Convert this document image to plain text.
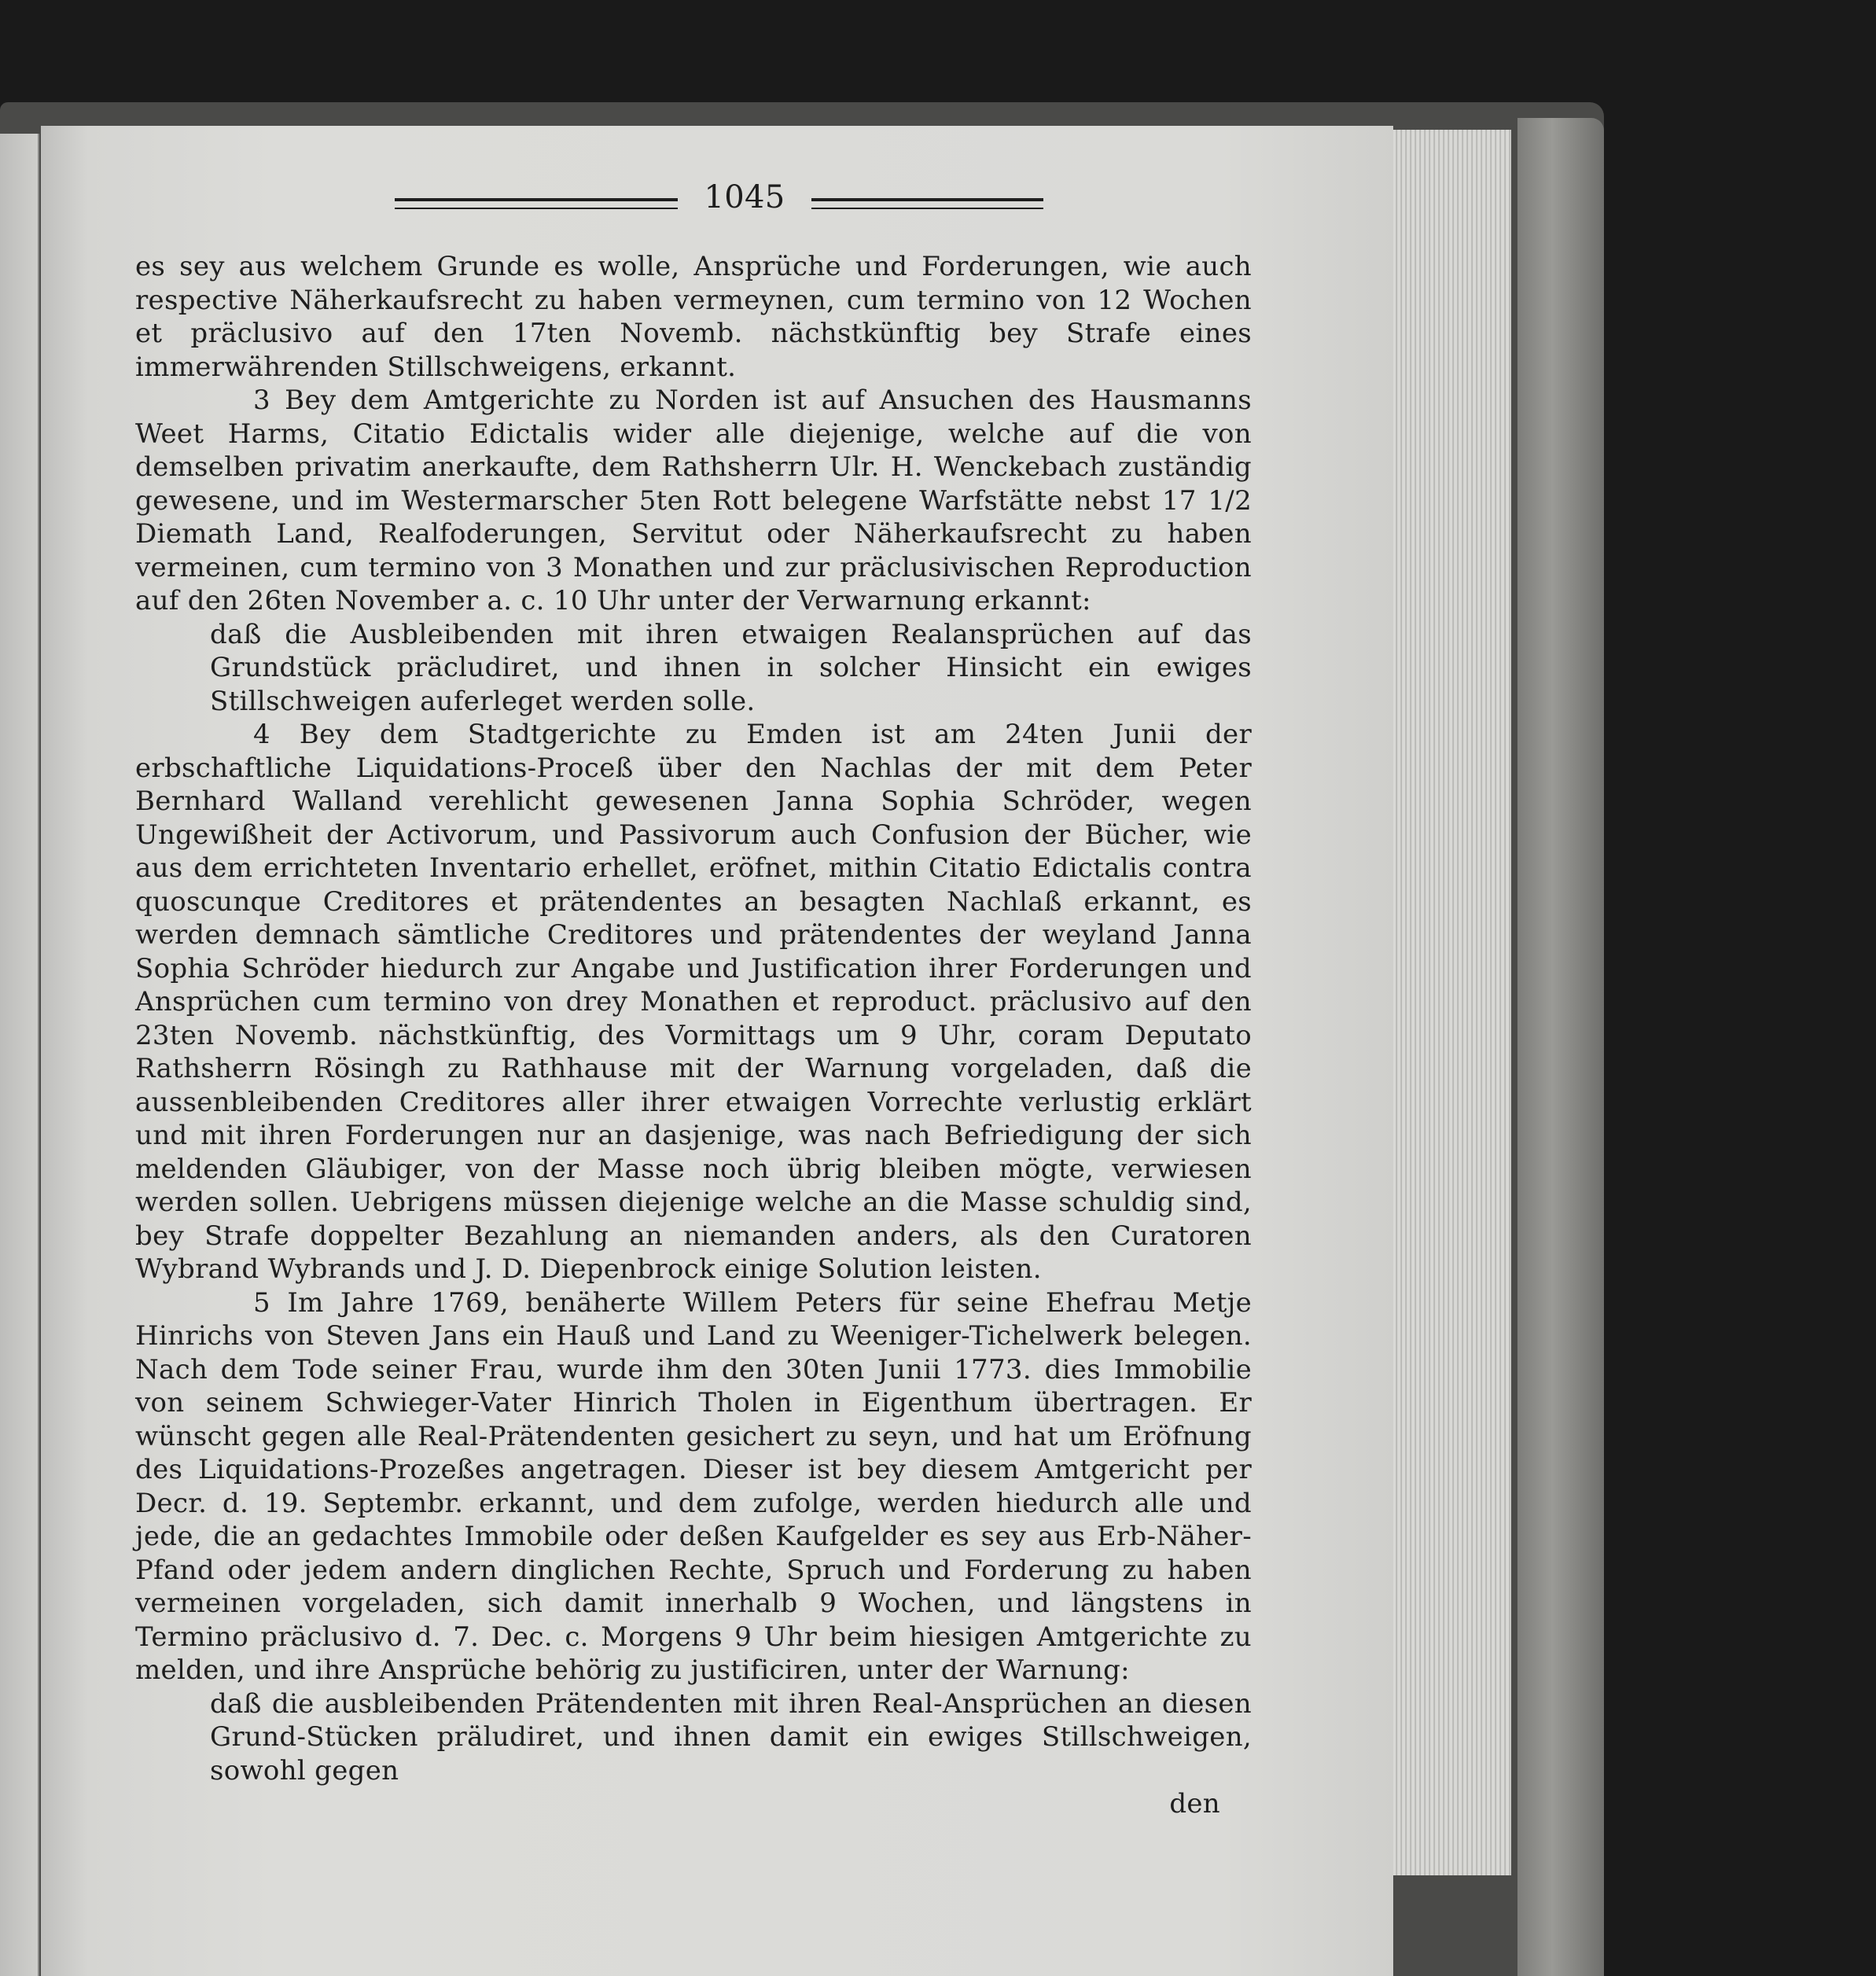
1045

es sey aus welchem Grunde es wolle, Ansprüche und Forderungen, wie auch respective Näherkaufsrecht zu haben vermeynen, cum termino von 12 Wochen et präclusivo auf den 17ten Novemb. nächstkünftig bey Strafe eines immerwährenden Stillschweigens, erkannt.

3 Bey dem Amtgerichte zu Norden ist auf Ansuchen des Hausmanns Weet Harms, Citatio Edictalis wider alle diejenige, welche auf die von demselben privatim anerkaufte, dem Rathsherrn Ulr. H. Wenckebach zuständig gewesene, und im Westermarscher 5ten Rott belegene Warfstätte nebst 17 1/2 Diemath Land, Realfoderungen, Servitut oder Näherkaufsrecht zu haben vermeinen, cum termino von 3 Monathen und zur präclusivischen Reproduction auf den 26ten November a. c. 10 Uhr unter der Verwarnung erkannt:

daß die Ausbleibenden mit ihren etwaigen Realansprüchen auf das Grundstück präcludiret, und ihnen in solcher Hinsicht ein ewiges Stillschweigen auferleget werden solle.

4 Bey dem Stadtgerichte zu Emden ist am 24ten Junii der erbschaftliche Liquidations-Proceß über den Nachlas der mit dem Peter Bernhard Walland verehlicht gewesenen Janna Sophia Schröder, wegen Ungewißheit der Activorum, und Passivorum auch Confusion der Bücher, wie aus dem errichteten Inventario erhellet, eröfnet, mithin Citatio Edictalis contra quoscunque Creditores et prätendentes an besagten Nachlaß erkannt, es werden demnach sämtliche Creditores und prätendentes der weyland Janna Sophia Schröder hiedurch zur Angabe und Justification ihrer Forderungen und Ansprüchen cum termino von drey Monathen et reproduct. präclusivo auf den 23ten Novemb. nächstkünftig, des Vormittags um 9 Uhr, coram Deputato Rathsherrn Rösingh zu Rathhause mit der Warnung vorgeladen, daß die aussenbleibenden Creditores aller ihrer etwaigen Vorrechte verlustig erklärt und mit ihren Forderungen nur an dasjenige, was nach Befriedigung der sich meldenden Gläubiger, von der Masse noch übrig bleiben mögte, verwiesen werden sollen. Uebrigens müssen diejenige welche an die Masse schuldig sind, bey Strafe doppelter Bezahlung an niemanden anders, als den Curatoren Wybrand Wybrands und J. D. Diepenbrock einige Solution leisten.

5 Im Jahre 1769, benäherte Willem Peters für seine Ehefrau Metje Hinrichs von Steven Jans ein Hauß und Land zu Weeniger-Tichelwerk belegen. Nach dem Tode seiner Frau, wurde ihm den 30ten Junii 1773. dies Immobilie von seinem Schwieger-Vater Hinrich Tholen in Eigenthum übertragen. Er wünscht gegen alle Real-Prätendenten gesichert zu seyn, und hat um Eröfnung des Liquidations-Prozeßes angetragen. Dieser ist bey diesem Amtgericht per Decr. d. 19. Septembr. erkannt, und dem zufolge, werden hiedurch alle und jede, die an gedachtes Immobile oder deßen Kaufgelder es sey aus Erb-Näher-Pfand oder jedem andern dinglichen Rechte, Spruch und Forderung zu haben vermeinen vorgeladen, sich damit innerhalb 9 Wochen, und längstens in Termino präclusivo d. 7. Dec. c. Morgens 9 Uhr beim hiesigen Amtgerichte zu melden, und ihre Ansprüche behörig zu justificiren, unter der Warnung:

daß die ausbleibenden Prätendenten mit ihren Real-Ansprüchen an diesen Grund-Stücken präludiret, und ihnen damit ein ewiges Stillschweigen, sowohl gegen

den
